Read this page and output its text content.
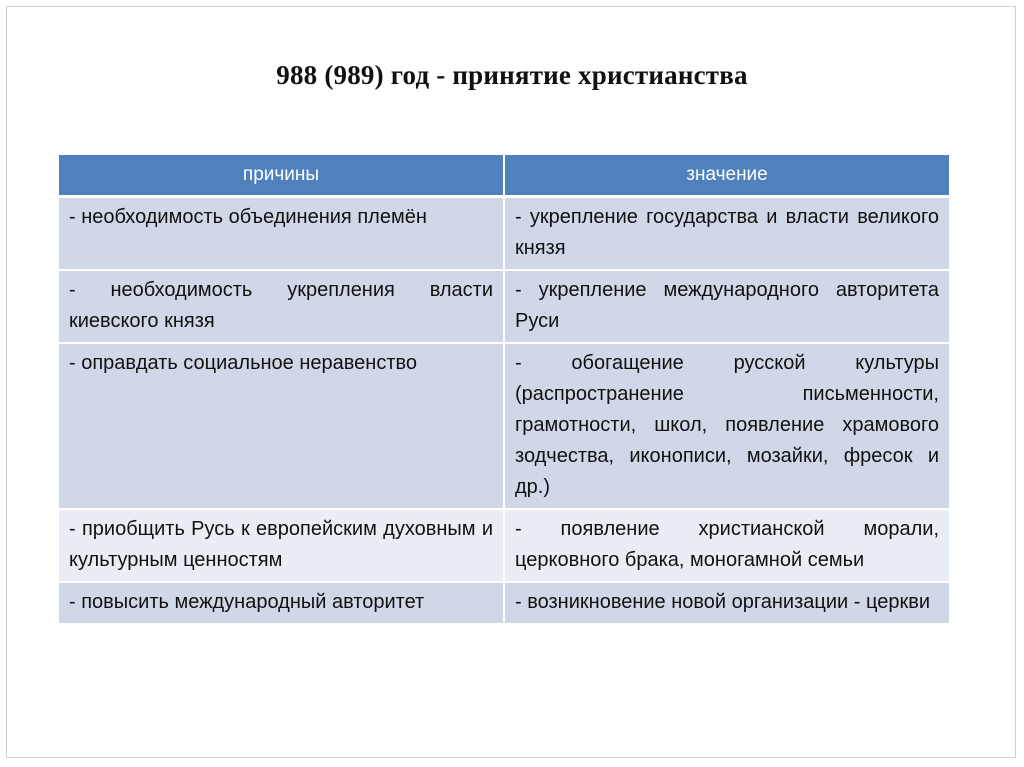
988 (989) год - принятие христианства
причины	значение
- необходимость объединения племён	- укрепление государства и власти великого князя
- необходимость укрепления власти киевского князя	- укрепление международного авторитета Руси
- оправдать социальное неравенство	- обогащение русской культуры (распространение письменности, грамотности, школ, появление храмового зодчества, иконописи, мозайки, фресок и др.)
- приобщить Русь к европейским духовным и культурным ценностям	- появление христианской морали, церковного брака, моногамной семьи
- повысить международный авторитет	- возникновение новой организации - церкви
